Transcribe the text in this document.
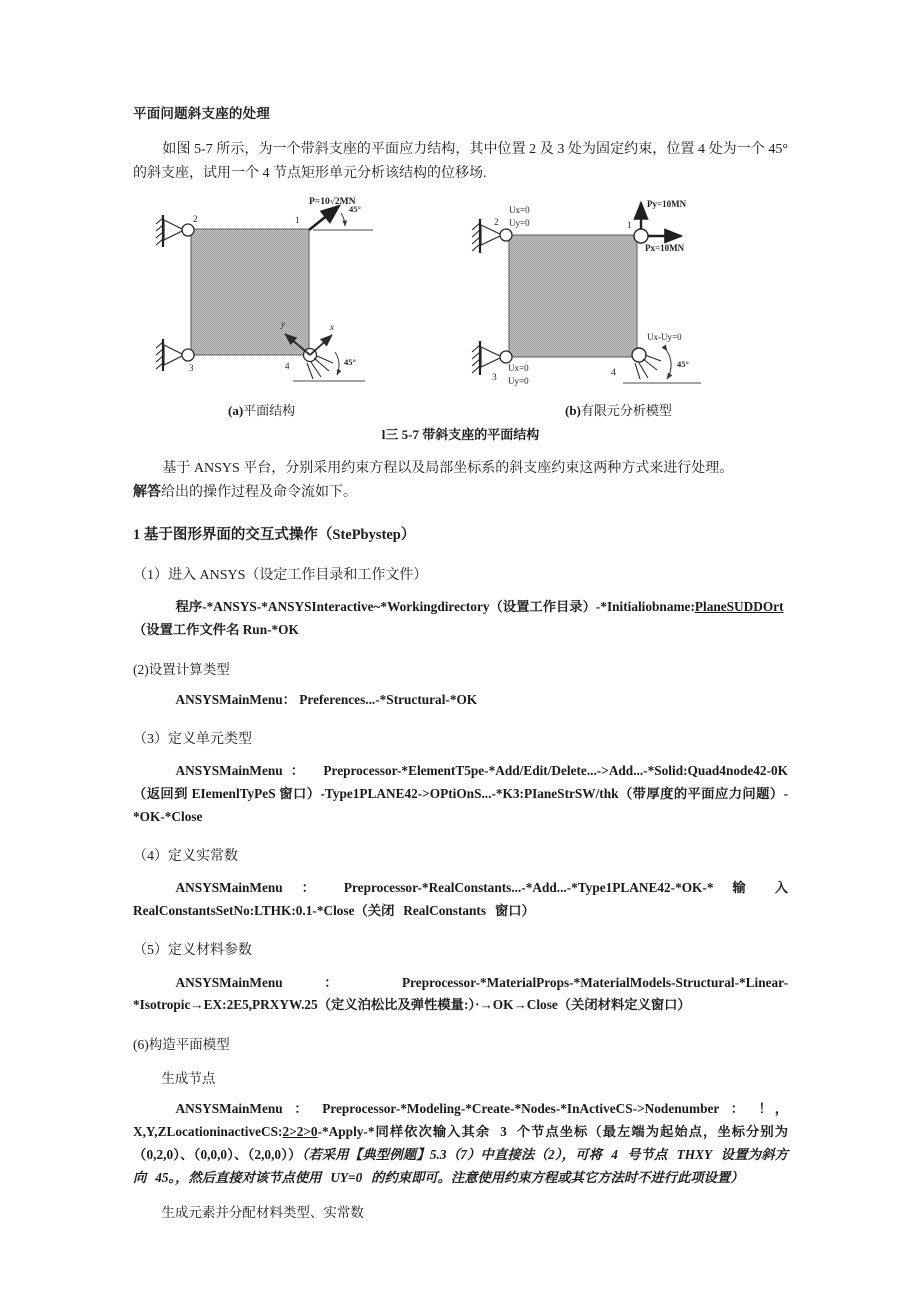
平面问题斜支座的处理
如图 5-7 所示，为一个带斜支座的平面应力结构，其中位置 2 及 3 处为固定约束，位置 4 处为一个 45°的斜支座，试用一个 4 节点矩形单元分析该结构的位移场.
2	1
3	4
P=10√2MN
45°
x
y
45°
2	1
3	4
Ux=0
Uy=0
Ux=0
Uy=0
Py=10MN
Px=10MN
Ux-Uy=0
45°
(a)平面结构	(b)有限元分析模型
l三 5-7 带斜支座的平面结构
基于 ANSYS 平台，分别采用约束方程以及局部坐标系的斜支座约束这两种方式来进行处理。
解答给出的操作过程及命令流如下。
1 基于图形界面的交互式操作（StePbystep）
（1）进入 ANSYS（设定工作目录和工作文件）
程序-*ANSYS-*ANSYSInteractive~*Workingdirectory（设置工作目录）-*Initialiobname:PlaneSUDDOrt
（设置工作文件名 Run-*OK
(2)设置计算类型
ANSYSMainMenu： Preferences...-*Structural-*OK
（3）定义单元类型
ANSYSMainMenu： Preprocessor-*ElementT5pe-*Add/Edit/Delete...->Add...-*Solid:Quad4node42-0K（返回到 EIemenlTyPeS 窗口）-Type1PLANE42->OPtiOnS...-*K3:PIaneStrSW/thk（带厚度的平面应力问题）-*OK-*Close
（4）定义实常数
ANSYSMainMenu ： Preprocessor-*RealConstants...-*Add...-*Type1PLANE42-*OK-* 输 入 RealConstantsSetNo:LTHK:0.1-*Close（关闭 RealConstants 窗口）
（5）定义材料参数
ANSYSMainMenu ： Preprocessor-*MaterialProps-*MaterialModels-Structural-*Linear-*Isotropic→EX:2E5,PRXYW.25（定义泊松比及弹性模量:）·→OK→Close（关闭材料定义窗口）
(6)构造平面模型
生成节点
ANSYSMainMenu ： Preprocessor-*Modeling-*Create-*Nodes-*InActiveCS->Nodenumber ： ！， X,Y,ZLocationinactiveCS:2>2>0-*Apply-*同样依次输入其余 3 个节点坐标（最左端为起始点，坐标分别为（0,2,0）、（0,0,0）、（2,0,0））（若采用【典型例题】5.3（7）中直接法（2），可将 4 号节点 THXY 设置为斜方向 45。，然后直接对该节点使用 UY=0 的约束即可。注意使用约束方程或其它方法时不进行此项设置）
生成元素并分配材料类型、实常数
